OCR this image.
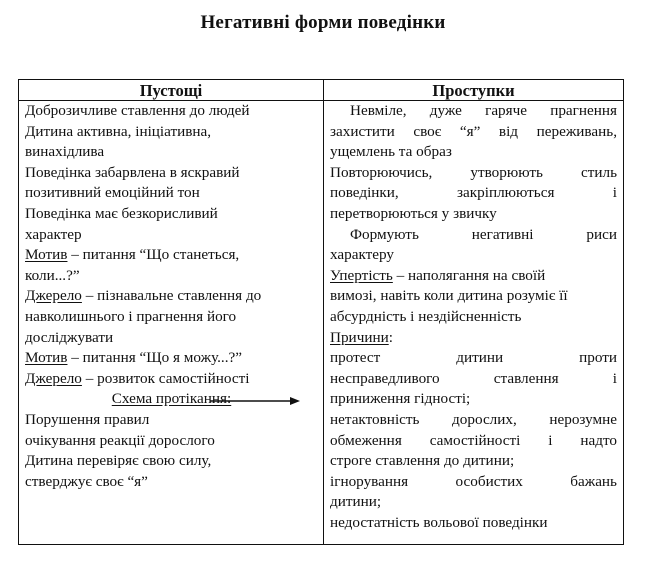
Негативні форми поведінки
Пустощі	Проступки
Доброзичливе ставлення до людей
Дитина активна, ініціативна,
винахідлива
Поведінка забарвлена в яскравий
позитивний емоційний тон
Поведінка має безкорисливий
характер
Мотив – питання “Що станеться,
коли...?”
Джерело – пізнавальне ставлення до
навколишнього і прагнення його
досліджувати
Мотив – питання “Що я можу...?”
Джерело – розвиток самостійності
Схема протікання:
Порушення правил
очікування реакції дорослого
Дитина перевіряє свою силу,
стверджує своє “я”
Невміле, дуже гаряче прагнення
захистити своє “я” від переживань,
ущемлень та образ
Повторюючись, утворюють стиль
поведінки, закріплюються і
перетворюються у звичку
Формують негативні риси
характеру
Упертість – наполягання на своїй
вимозі, навіть коли дитина розуміє її
абсурдність і нездійсненність
Причини:
протест дитини проти
несправедливого ставлення і
приниження гідності;
нетактовність дорослих, нерозумне
обмеження самостійності і надто
строге ставлення до дитини;
ігнорування особистих бажань
дитини;
недостатність вольової поведінки
